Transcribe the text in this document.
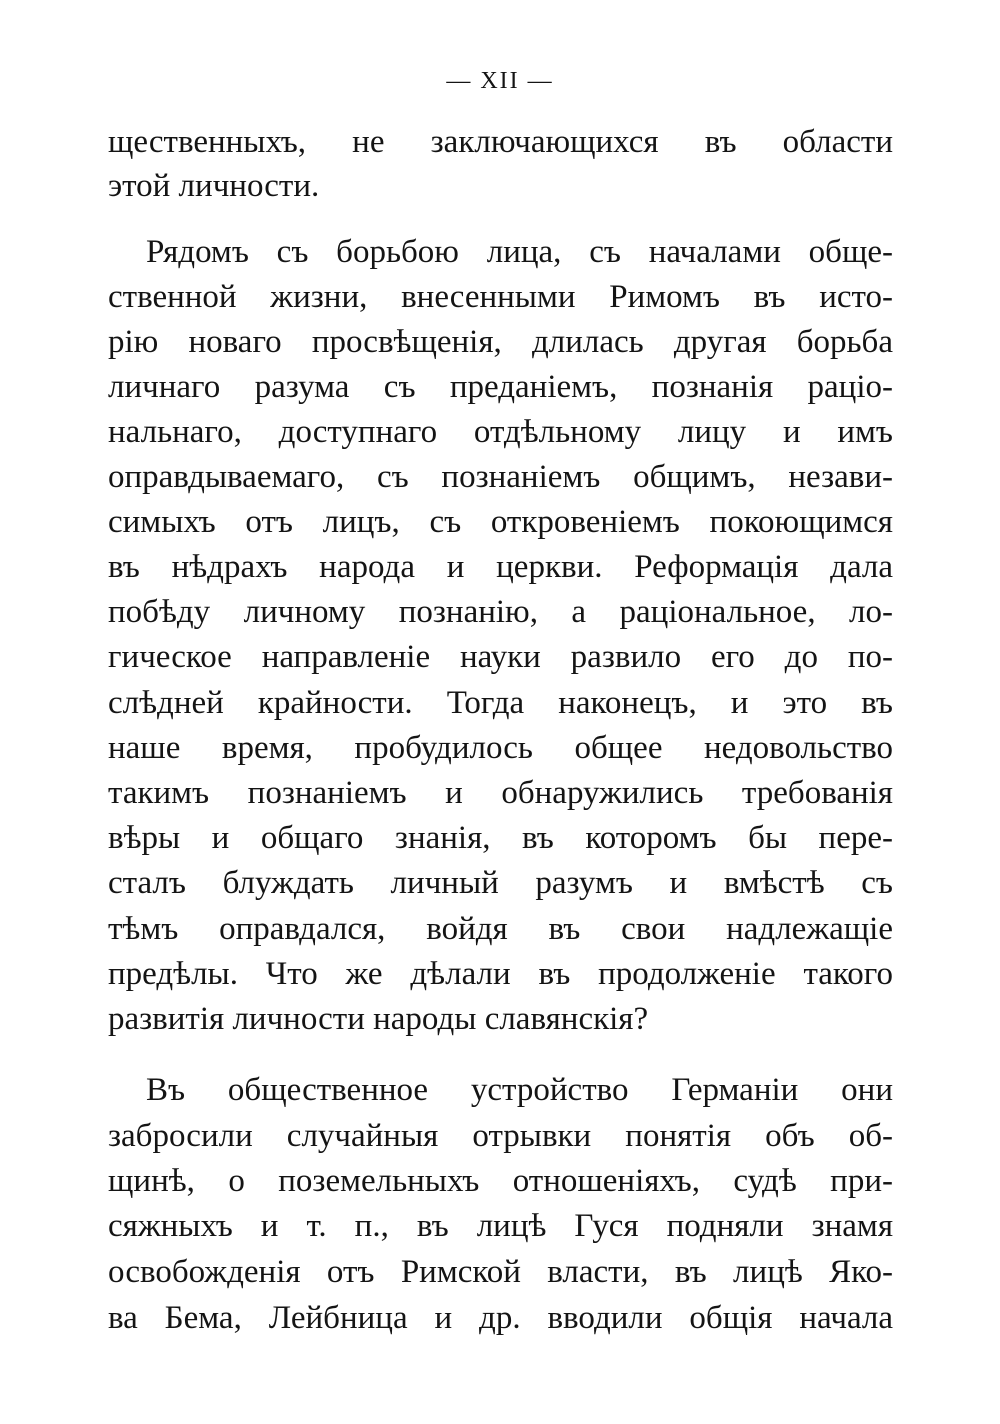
— XII —
щественныхъ, не заключающихся въ области
этой личности.
Рядомъ съ борьбою лица, съ началами обще-
ственной жизни, внесенными Римомъ въ исто-
рію новаго просвѣщенія, длилась другая борьба
личнаго разума съ преданіемъ, познанія раціо-
нальнаго, доступнаго отдѣльному лицу и имъ
оправдываемаго, съ познаніемъ общимъ, незави-
симыхъ отъ лицъ, съ откровеніемъ покоющимся
въ нѣдрахъ народа и церкви. Реформація дала
побѣду личному познанію, а раціональное, ло-
гическое направленіе науки развило его до по-
слѣдней крайности. Тогда наконецъ, и это въ
наше время, пробудилось общее недовольство
такимъ познаніемъ и обнаружились требованія
вѣры и общаго знанія, въ которомъ бы пере-
сталъ блуждать личный разумъ и вмѣстѣ съ
тѣмъ оправдался, войдя въ свои надлежащіе
предѣлы. Что же дѣлали въ продолженіе такого
развитія личности народы славянскія?
Въ общественное устройство Германіи они
забросили случайныя отрывки понятія объ об-
щинѣ, о поземельныхъ отношеніяхъ, судѣ при-
сяжныхъ и т. п., въ лицѣ Гуся подняли знамя
освобожденія отъ Римской власти, въ лицѣ Яко-
ва Бема, Лейбница и др. вводили общія начала
